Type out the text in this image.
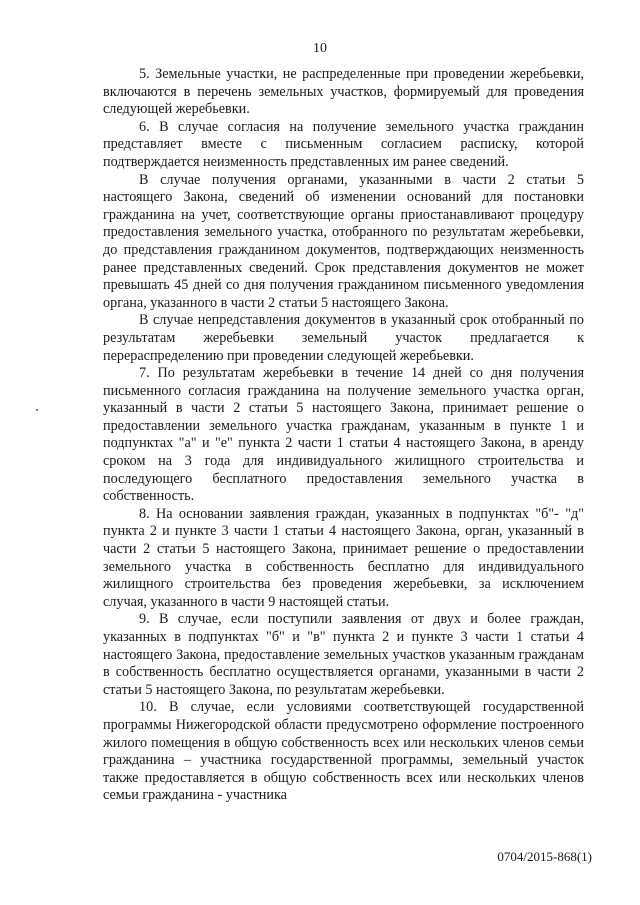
10

5. Земельные участки, не распределенные при проведении жеребьевки, включаются в перечень земельных участков, формируемый для проведения следующей жеребьевки.

6. В случае согласия на получение земельного участка гражданин представляет вместе с письменным согласием расписку, которой подтверждается неизменность представленных им ранее сведений.

В случае получения органами, указанными в части 2 статьи 5 настоящего Закона, сведений об изменении оснований для постановки гражданина на учет, соответствующие органы приостанавливают процедуру предоставления земельного участка, отобранного по результатам жеребьевки, до представления гражданином документов, подтверждающих неизменность ранее представленных сведений. Срок представления документов не может превышать 45 дней со дня получения гражданином письменного уведомления органа, указанного в части 2 статьи 5 настоящего Закона.

В случае непредставления документов в указанный срок отобранный по результатам жеребьевки земельный участок предлагается к перераспределению при проведении следующей жеребьевки.

7. По результатам жеребьевки в течение 14 дней со дня получения письменного согласия гражданина на получение земельного участка орган, указанный в части 2 статьи 5 настоящего Закона, принимает решение о предоставлении земельного участка гражданам, указанным в пункте 1 и подпунктах "а" и "е" пункта 2 части 1 статьи 4 настоящего Закона, в аренду сроком на 3 года для индивидуального жилищного строительства и последующего бесплатного предоставления земельного участка в собственность.

8. На основании заявления граждан, указанных в подпунктах "б"- "д" пункта 2 и пункте 3 части 1 статьи 4 настоящего Закона, орган, указанный в части 2 статьи 5 настоящего Закона, принимает решение о предоставлении земельного участка в собственность бесплатно для индивидуального жилищного строительства без проведения жеребьевки, за исключением случая, указанного в части 9 настоящей статьи.

9. В случае, если поступили заявления от двух и более граждан, указанных в подпунктах "б" и "в" пункта 2 и пункте 3 части 1 статьи 4 настоящего Закона, предоставление земельных участков указанным гражданам в собственность бесплатно осуществляется органами, указанными в части 2 статьи 5 настоящего Закона, по результатам жеребьевки.

10. В случае, если условиями соответствующей государственной программы Нижегородской области предусмотрено оформление построенного жилого помещения в общую собственность всех или нескольких членов семьи гражданина – участника государственной программы, земельный участок также предоставляется в общую собственность всех или нескольких членов семьи гражданина - участника

0704/2015-868(1)
